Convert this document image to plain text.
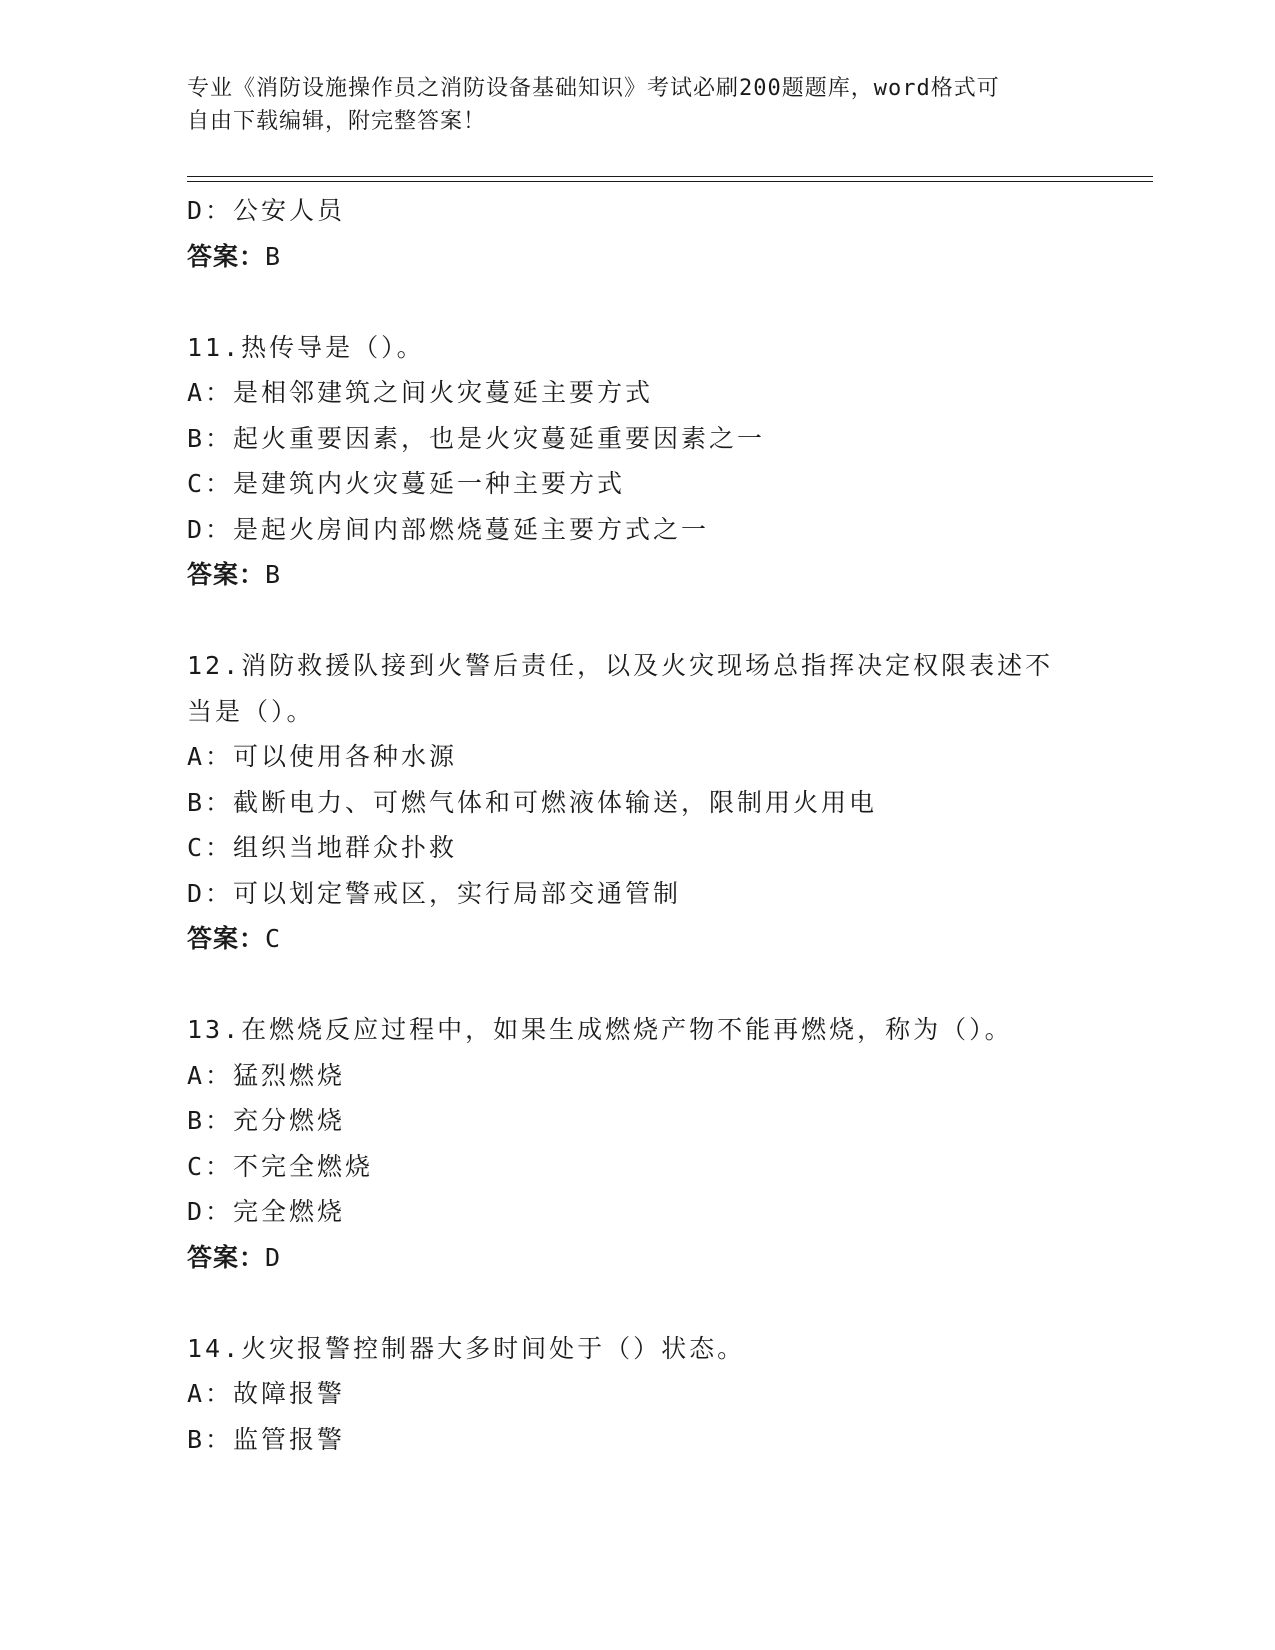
专业《消防设施操作员之消防设备基础知识》考试必刷200题题库，word格式可
自由下载编辑，附完整答案！
D：公安人员
答案：B
11.热传导是（）。
A：是相邻建筑之间火灾蔓延主要方式
B：起火重要因素，也是火灾蔓延重要因素之一
C：是建筑内火灾蔓延一种主要方式
D：是起火房间内部燃烧蔓延主要方式之一
答案：B
12.消防救援队接到火警后责任，以及火灾现场总指挥决定权限表述不
当是（）。
A：可以使用各种水源
B：截断电力、可燃气体和可燃液体输送，限制用火用电
C：组织当地群众扑救
D：可以划定警戒区，实行局部交通管制
答案：C
13.在燃烧反应过程中，如果生成燃烧产物不能再燃烧，称为（）。
A：猛烈燃烧
B：充分燃烧
C：不完全燃烧
D：完全燃烧
答案：D
14.火灾报警控制器大多时间处于（）状态。
A：故障报警
B：监管报警
